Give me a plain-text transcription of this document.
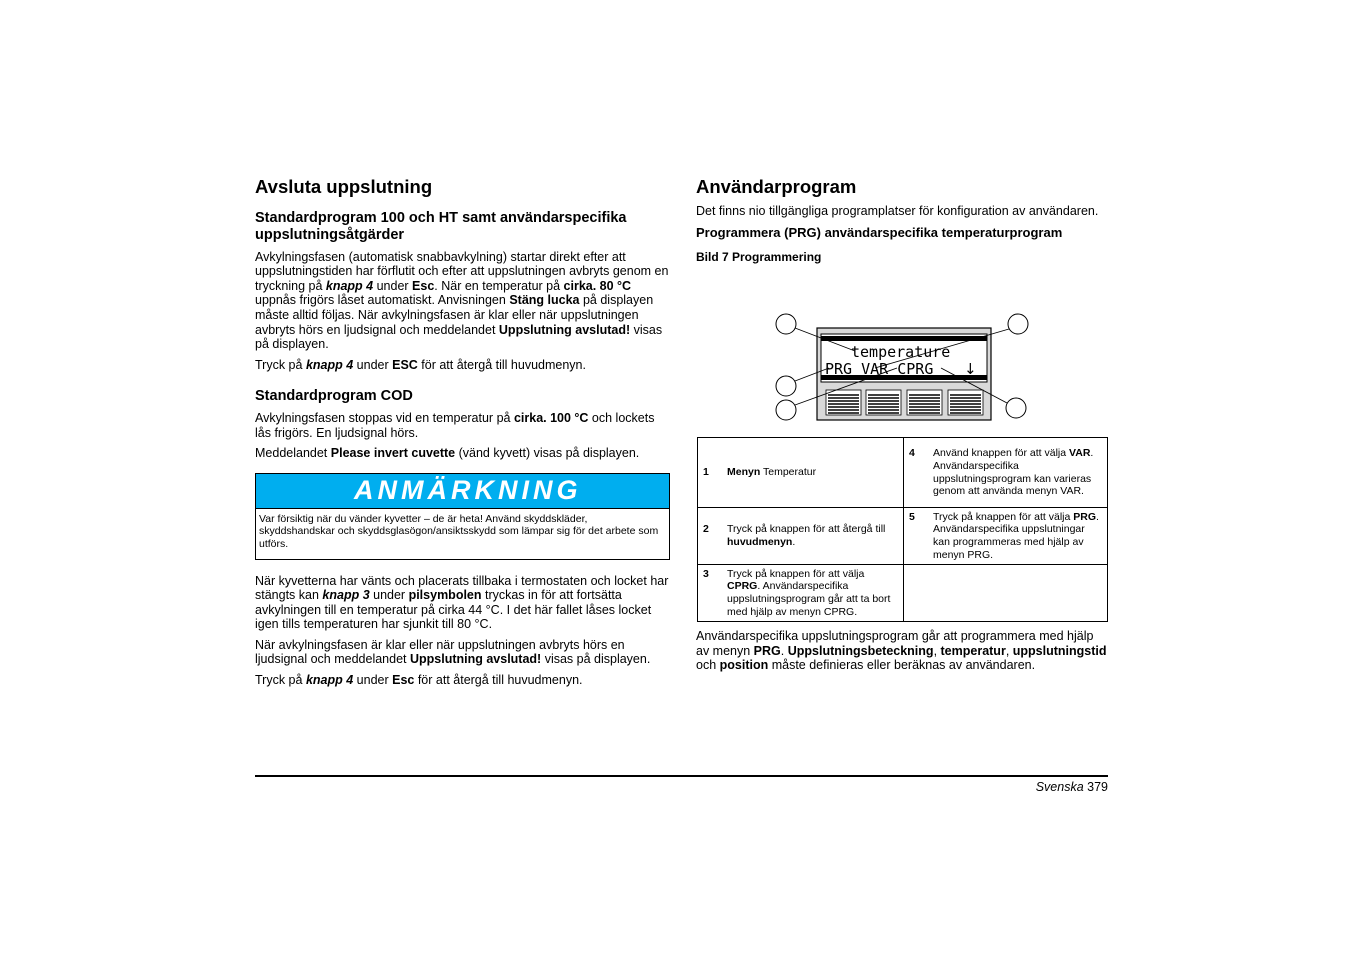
Avsluta uppslutning
Standardprogram 100 och HT samt användarspecifika uppslutningsåtgärder

Avkylningsfasen (automatisk snabbavkylning) startar direkt efter att uppslutningstiden har förflutit och efter att uppslutningen avbryts genom en tryckning på knapp 4 under Esc. När en temperatur på cirka. 80 °C uppnås frigörs låset automatiskt. Anvisningen Stäng lucka på displayen måste alltid följas. När avkylningsfasen är klar eller när uppslutningen avbryts hörs en ljudsignal och meddelandet Uppslutning avslutad! visas på displayen.

Tryck på knapp 4 under ESC för att återgå till huvudmenyn.

Standardprogram COD

Avkylningsfasen stoppas vid en temperatur på cirka. 100 °C och lockets lås frigörs. En ljudsignal hörs.

Meddelandet Please invert cuvette (vänd kyvett) visas på displayen.

ANMÄRKNING
Var försiktig när du vänder kyvetter – de är heta! Använd skyddskläder, skyddshandskar och skyddsglasögon/ansiktsskydd som lämpar sig för det arbete som utförs.

När kyvetterna har vänts och placerats tillbaka i termostaten och locket har stängts kan knapp 3 under pilsymbolen tryckas in för att fortsätta avkylningen till en temperatur på cirka 44 °C. I det här fallet låses locket igen tills temperaturen har sjunkit till 80 °C.

När avkylningsfasen är klar eller när uppslutningen avbryts hörs en ljudsignal och meddelandet Uppslutning avslutad! visas på displayen.

Tryck på knapp 4 under Esc för att återgå till huvudmenyn.

Användarprogram

Det finns nio tillgängliga programplatser för konfiguration av användaren.

Programmera (PRG) användarspecifika temperaturprogram
Bild 7 Programmering
temperature
PRG VAR CPRG ↓
1 Menyn Temperatur	4 Använd knappen för att välja VAR. Användarspecifika uppslutningsprogram kan varieras genom att använda menyn VAR.

2 Tryck på knappen för att återgå till huvudmenyn.	5 Tryck på knappen för att välja PRG. Användarspecifika uppslutningar kan programmeras med hjälp av menyn PRG.

3 Tryck på knappen för att välja CPRG. Användarspecifika uppslutningsprogram går att ta bort med hjälp av menyn CPRG.	

Användarspecifika uppslutningsprogram går att programmera med hjälp av menyn PRG. Uppslutningsbeteckning, temperatur, uppslutningstid och position måste definieras eller beräknas av användaren.

Svenska 379
